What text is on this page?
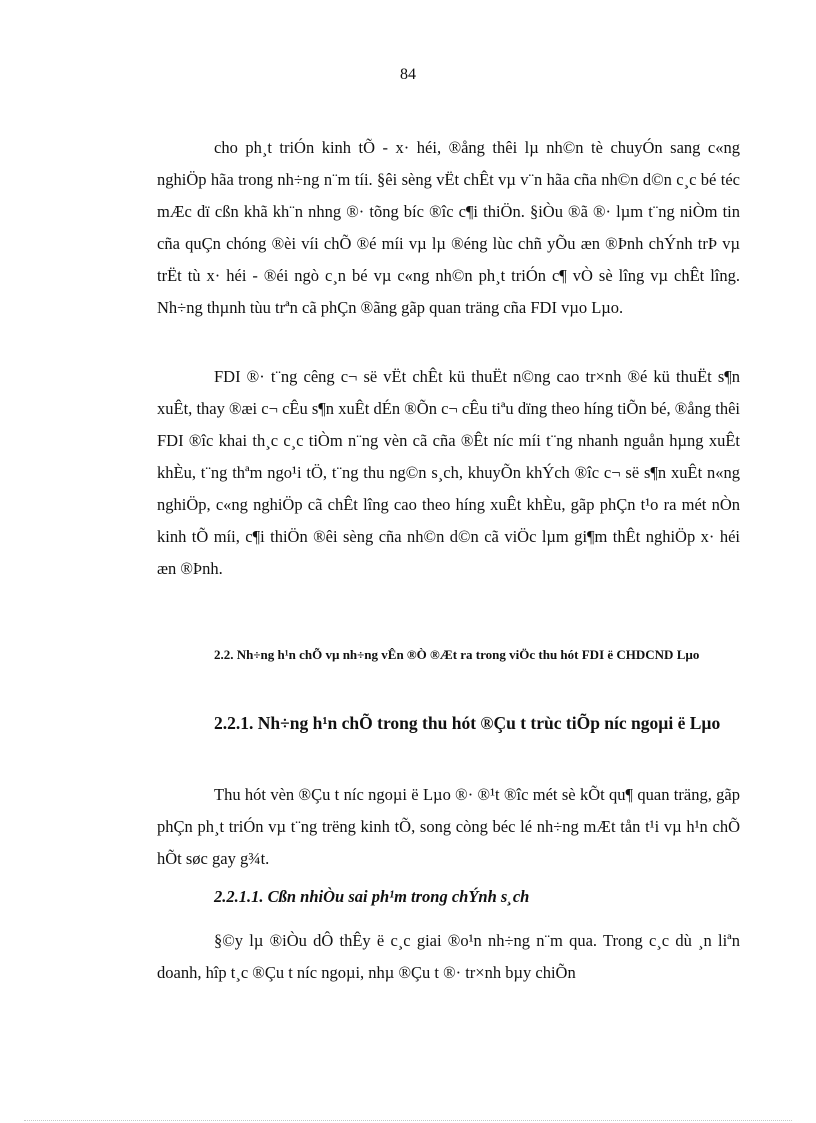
84

cho ph¸t triÓn kinh tÕ - x· héi, ®ång thêi lµ nh©n tè chuyÓn sang c«ng nghiÖp hãa trong nh÷ng n¨m tíi. §êi sèng vËt chÊt vµ v¨n hãa cña nh©n d©n c¸c bé téc mÆc dï cßn khã kh¨n nhng ®· tõng bíc ®îc c¶i thiÖn. §iÒu ®ã ®· lµm t¨ng niÒm tin cña quÇn chóng ®èi víi chÕ ®é míi vµ lµ ®éng lùc chñ yÕu æn ®Þnh chÝnh trÞ vµ trËt tù x· héi - ®éi ngò c¸n bé vµ c«ng nh©n ph¸t triÓn c¶ vÒ sè lîng vµ chÊt lîng. Nh÷ng thµnh tùu trªn cã phÇn ®ãng gãp quan träng cña FDI vµo Lµo.

FDI ®· t¨ng cêng c¬ së vËt chÊt kü thuËt n©ng cao tr×nh ®é kü thuËt s¶n xuÊt, thay ®æi c¬ cÊu s¶n xuÊt dÉn ®Õn c¬ cÊu tiªu dïng theo híng tiÕn bé, ®ång thêi FDI ®îc khai th¸c c¸c tiÒm n¨ng vèn cã cña ®Êt níc míi t¨ng nhanh nguån hµng xuÊt khÈu, t¨ng thªm ngo¹i tÖ, t¨ng thu ng©n s¸ch, khuyÕn khÝch ®îc c¬ së s¶n xuÊt n«ng nghiÖp, c«ng nghiÖp cã chÊt lîng cao theo híng xuÊt khÈu, gãp phÇn t¹o ra mét nÒn kinh tÕ míi, c¶i thiÖn ®êi sèng cña nh©n d©n cã viÖc lµm gi¶m thÊt nghiÖp x· héi æn ®Þnh.

2.2. Nh÷ng h¹n chÕ vµ nh÷ng vÊn ®Ò ®Æt ra trong viÖc thu hót FDI ë CHDCND Lµo

2.2.1. Nh÷ng h¹n chÕ trong thu hót ®Çu t trùc tiÕp níc ngoµi ë Lµo

Thu hót vèn ®Çu t níc ngoµi ë Lµo ®· ®¹t ®îc mét sè kÕt qu¶ quan träng, gãp phÇn ph¸t triÓn vµ t¨ng trëng kinh tÕ, song còng béc lé nh÷ng mÆt tån t¹i vµ h¹n chÕ hÕt søc gay g¾t.

2.2.1.1. Cßn nhiÒu sai ph¹m trong chÝnh s¸ch

§©y lµ ®iÒu dÔ thÊy ë c¸c giai ®o¹n nh÷ng n¨m qua. Trong c¸c dù ¸n liªn doanh, hîp t¸c ®Çu t níc ngoµi, nhµ ®Çu t ®· tr×nh bµy chiÕn
